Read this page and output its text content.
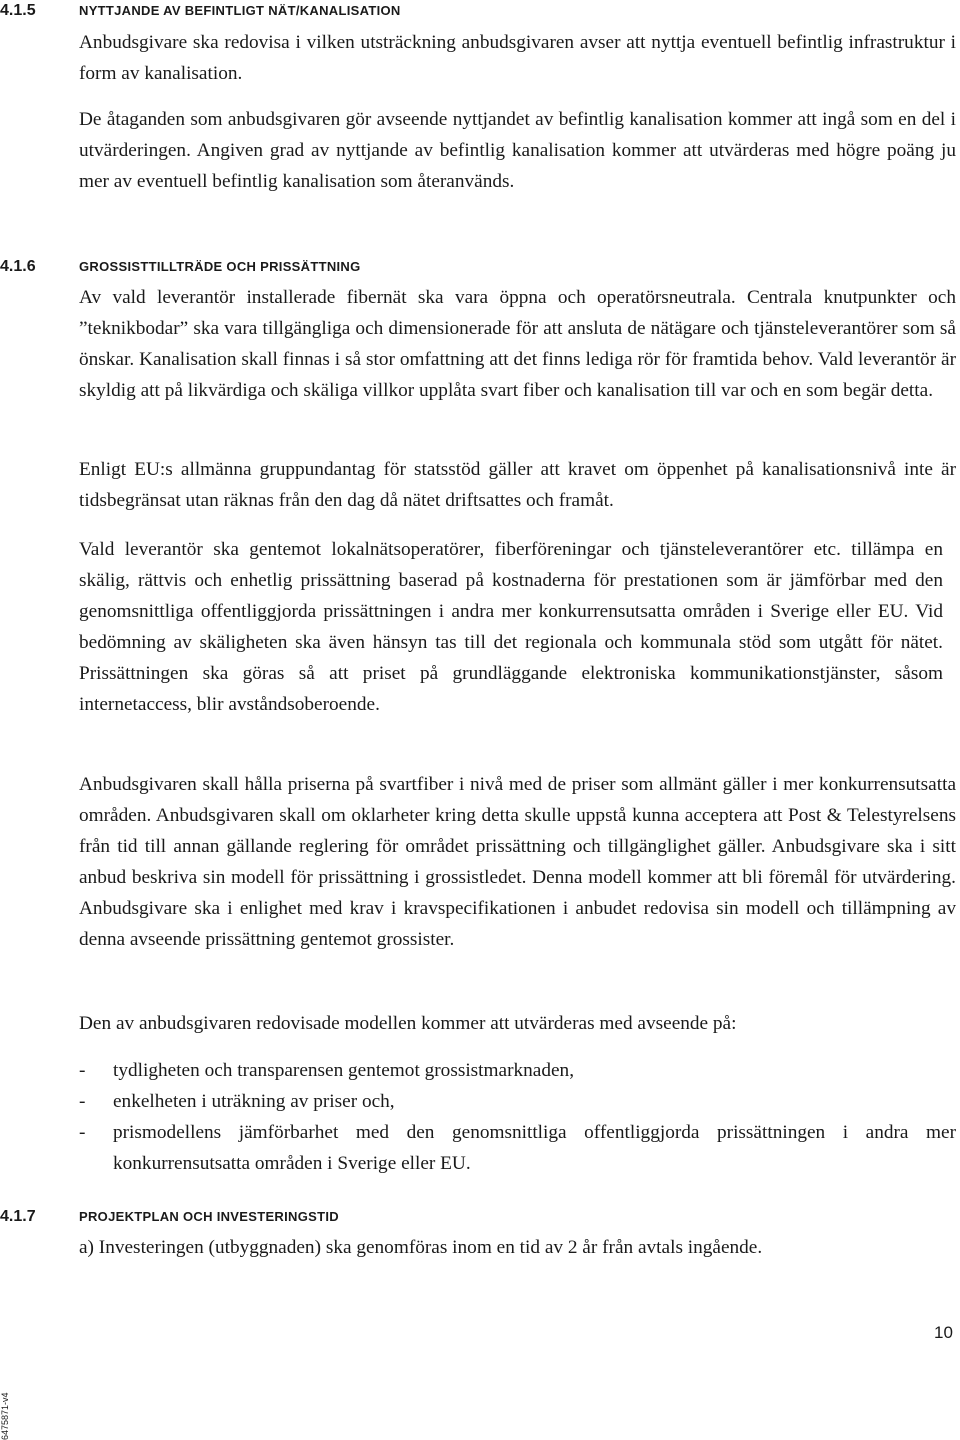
4.1.5	NYTTJANDE AV BEFINTLIGT NÄT/KANALISATION

Anbudsgivare ska redovisa i vilken utsträckning anbudsgivaren avser att nyttja eventuell befintlig infrastruktur i form av kanalisation.

De åtaganden som anbudsgivaren gör avseende nyttjandet av befintlig kanalisation kommer att ingå som en del i utvärderingen. Angiven grad av nyttjande av befintlig kanalisation kommer att utvärderas med högre poäng ju mer av eventuell befintlig kanalisation som återanvänds.

4.1.6	GROSSISTTILLTRÄDE OCH PRISSÄTTNING

Av vald leverantör installerade fibernät ska vara öppna och operatörsneutrala. Centrala knutpunkter och ”teknikbodar” ska vara tillgängliga och dimensionerade för att ansluta de nätägare och tjänsteleverantörer som så önskar. Kanalisation skall finnas i så stor omfattning att det finns lediga rör för framtida behov. Vald leverantör är skyldig att på likvärdiga och skäliga villkor upplåta svart fiber och kanalisation till var och en som begär detta.

Enligt EU:s allmänna gruppundantag för statsstöd gäller att kravet om öppenhet på kanalisationsnivå inte är tidsbegränsat utan räknas från den dag då nätet driftsattes och framåt.

Vald leverantör ska gentemot lokalnätsoperatörer, fiberföreningar och tjänsteleverantörer etc. tillämpa en skälig, rättvis och enhetlig prissättning baserad på kostnaderna för prestationen som är jämförbar med den genomsnittliga offentliggjorda prissättningen i andra mer konkurrensutsatta områden i Sverige eller EU. Vid bedömning av skäligheten ska även hänsyn tas till det regionala och kommunala stöd som utgått för nätet. Prissättningen ska göras så att priset på grundläggande elektroniska kommunikationstjänster, såsom internetaccess, blir avståndsoberoende.

Anbudsgivaren skall hålla priserna på svartfiber i nivå med de priser som allmänt gäller i mer konkurrensutsatta områden. Anbudsgivaren skall om oklarheter kring detta skulle uppstå kunna acceptera att Post & Telestyrelsens från tid till annan gällande reglering för området prissättning och tillgänglighet gäller. Anbudsgivare ska i sitt anbud beskriva sin modell för prissättning i grossistledet. Denna modell kommer att bli föremål för utvärdering. Anbudsgivare ska i enlighet med krav i kravspecifikationen i anbudet redovisa sin modell och tillämpning av denna avseende prissättning gentemot grossister.

Den av anbudsgivaren redovisade modellen kommer att utvärderas med avseende på:

- tydligheten och transparensen gentemot grossistmarknaden,
- enkelheten i uträkning av priser och,
- prismodellens jämförbarhet med den genomsnittliga offentliggjorda prissättningen i andra mer konkurrensutsatta områden i Sverige eller EU.
4.1.7	PROJEKTPLAN OCH INVESTERINGSTID

a) Investeringen (utbyggnaden) ska genomföras inom en tid av 2 år från avtals ingående.

10
6475871-v4
